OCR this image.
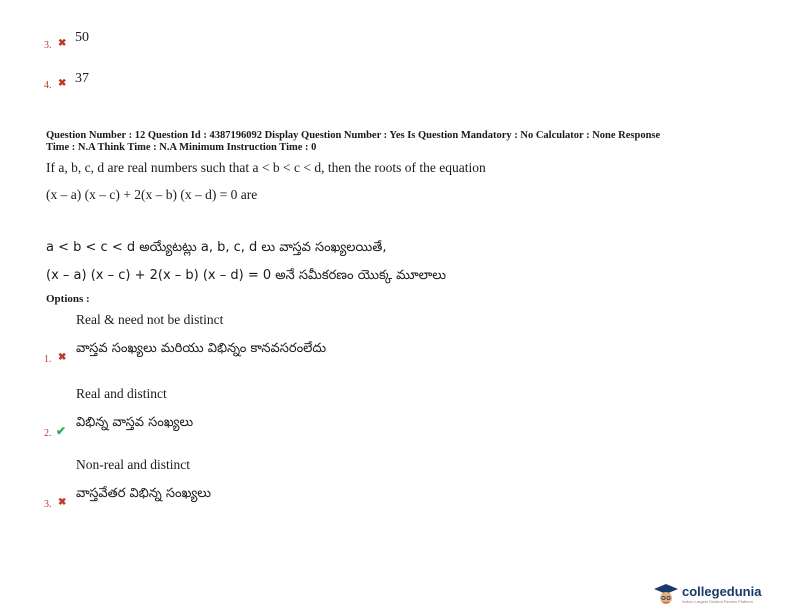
3. ✖ 50
4. ✖ 37
Question Number : 12 Question Id : 4387196092 Display Question Number : Yes Is Question Mandatory : No Calculator : None Response
Time : N.A Think Time : N.A Minimum Instruction Time : 0
If a, b, c, d are real numbers such that a < b < c < d, then the roots of the equation
(x – a) (x – c) + 2(x – b) (x – d) = 0 are
a < b < c < d అయ్యేటట్లు a, b, c, d లు వాస్తవ సంఖ్యలయితే,
(x – a) (x – c) + 2(x – b) (x – d) = 0 అనే సమీకరణం యొక్క మూలాలు
Options :
Real & need not be distinct
వాస్తవ సంఖ్యలు మరియు విభిన్నం కానవసరంలేదు
1. ✖
Real and distinct
విభిన్న వాస్తవ సంఖ్యలు
2. ✔
Non-real and distinct
వాస్తవేతర విభిన్న సంఖ్యలు
3. ✖
collegedunia
India's Largest Student Review Platform
